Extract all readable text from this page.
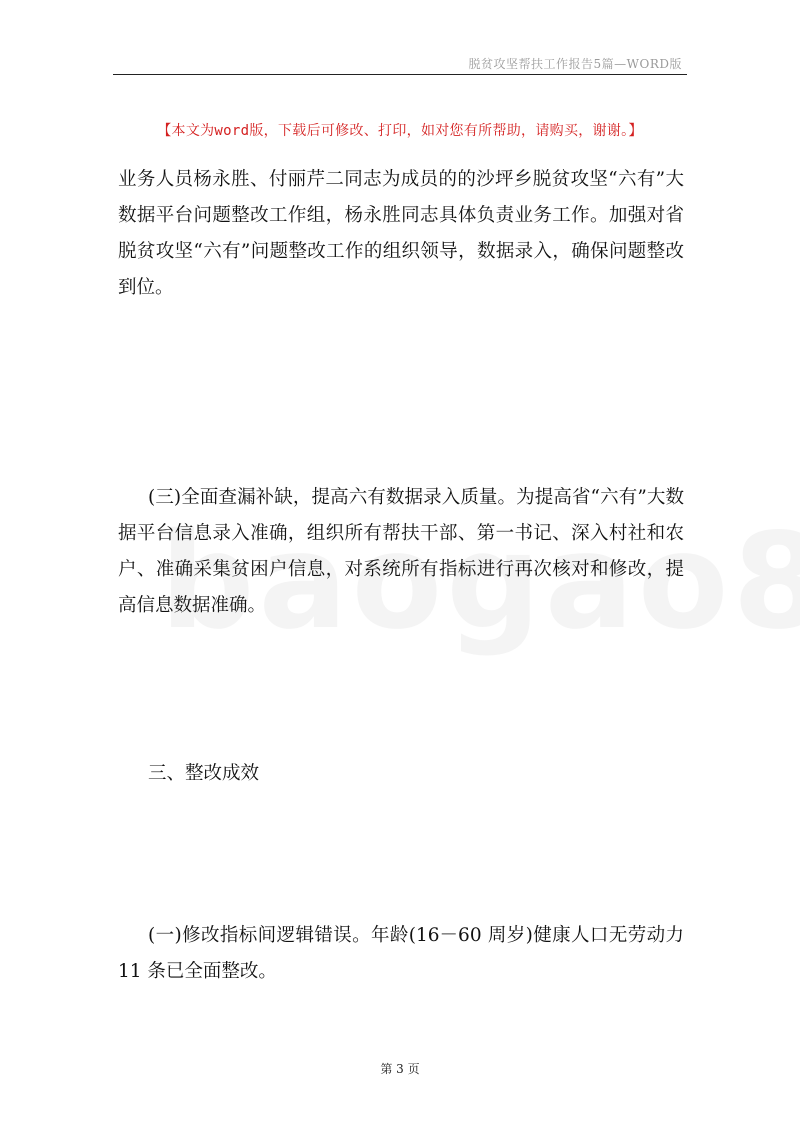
脱贫攻坚帮扶工作报告5篇—WORD版
【本文为word版，下载后可修改、打印，如对您有所帮助，请购买，谢谢。】

业务人员杨永胜、付丽芹二同志为成员的的沙坪乡脱贫攻坚“六有”大数据平台问题整改工作组，杨永胜同志具体负责业务工作。加强对省脱贫攻坚“六有”问题整改工作的组织领导，数据录入，确保问题整改到位。

(三)全面查漏补缺，提高六有数据录入质量。为提高省“六有”大数据平台信息录入准确，组织所有帮扶干部、第一书记、深入村社和农户、准确采集贫困户信息，对系统所有指标进行再次核对和修改，提高信息数据准确。

三、整改成效

(一)修改指标间逻辑错误。年龄(16－60 周岁)健康人口无劳动力 11 条已全面整改。

第 3 页
